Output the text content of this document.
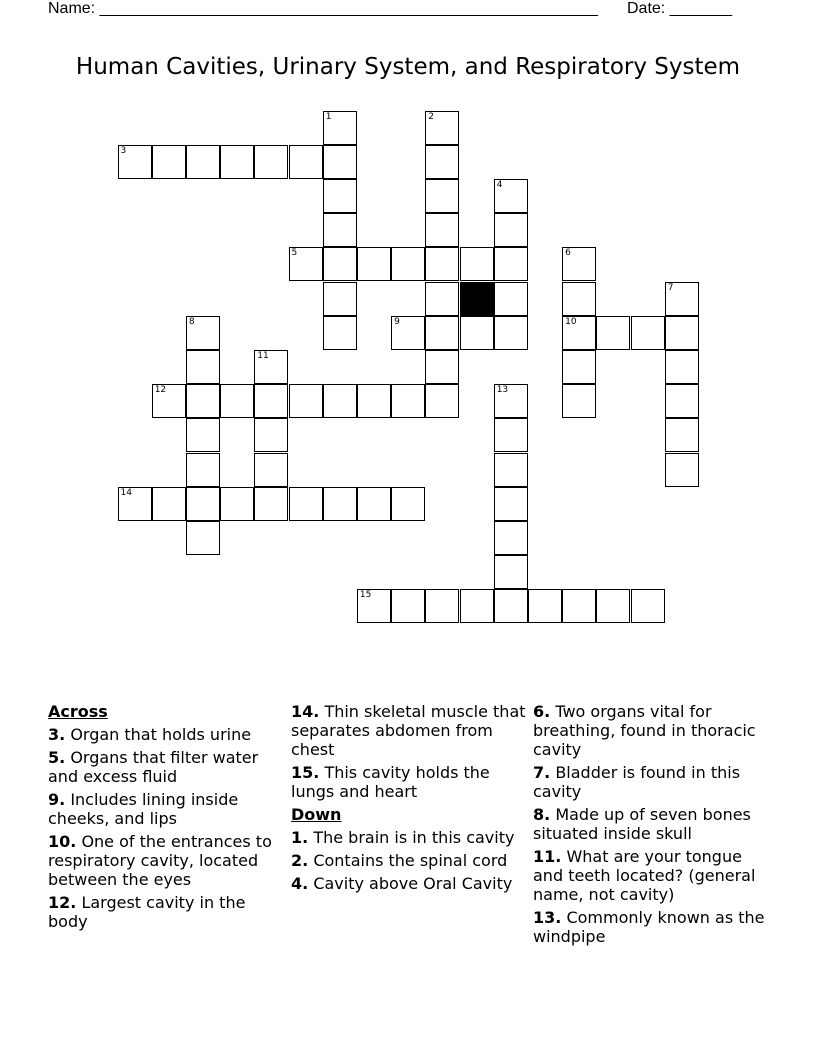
Name: ________________________________________________________ Date: _______
Human Cavities, Urinary System, and Respiratory System
1	2
3
4
5	6
7
8	9	10
11
12	13
14
15
Across
3. Organ that holds urine
5. Organs that filter water and excess fluid
9. Includes lining inside cheeks, and lips
10. One of the entrances to respiratory cavity, located between the eyes
12. Largest cavity in the body
14. Thin skeletal muscle that separates abdomen from chest
15. This cavity holds the lungs and heart
Down
1. The brain is in this cavity
2. Contains the spinal cord
4. Cavity above Oral Cavity
6. Two organs vital for breathing, found in thoracic cavity
7. Bladder is found in this cavity
8. Made up of seven bones situated inside skull
11. What are your tongue and teeth located? (general name, not cavity)
13. Commonly known as the windpipe
